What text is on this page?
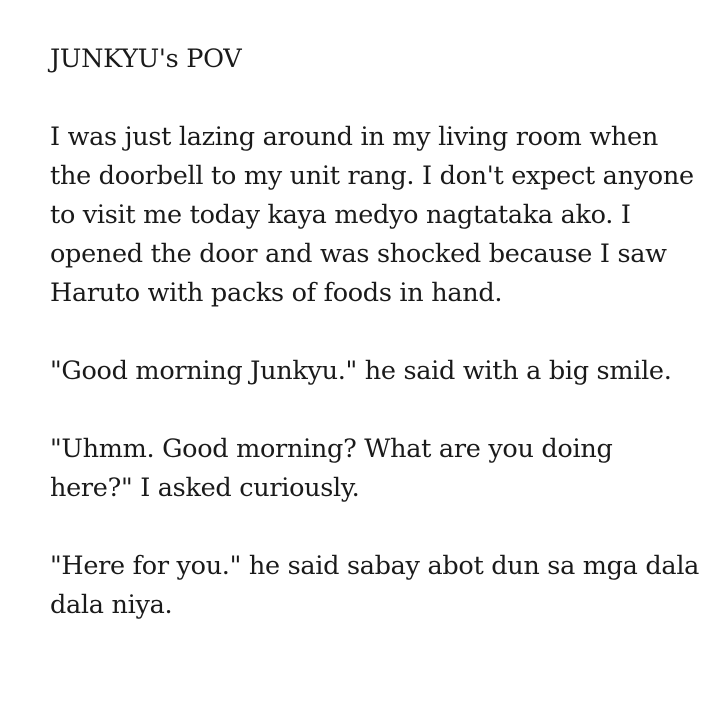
JUNKYU's POV
I was just lazing around in my living room when
the doorbell to my unit rang. I don't expect anyone
to visit me today kaya medyo nagtataka ako. I
opened the door and was shocked because I saw
Haruto with packs of foods in hand.
"Good morning Junkyu." he said with a big smile.
"Uhmm. Good morning? What are you doing
here?" I asked curiously.
"Here for you." he said sabay abot dun sa mga dala
dala niya.
